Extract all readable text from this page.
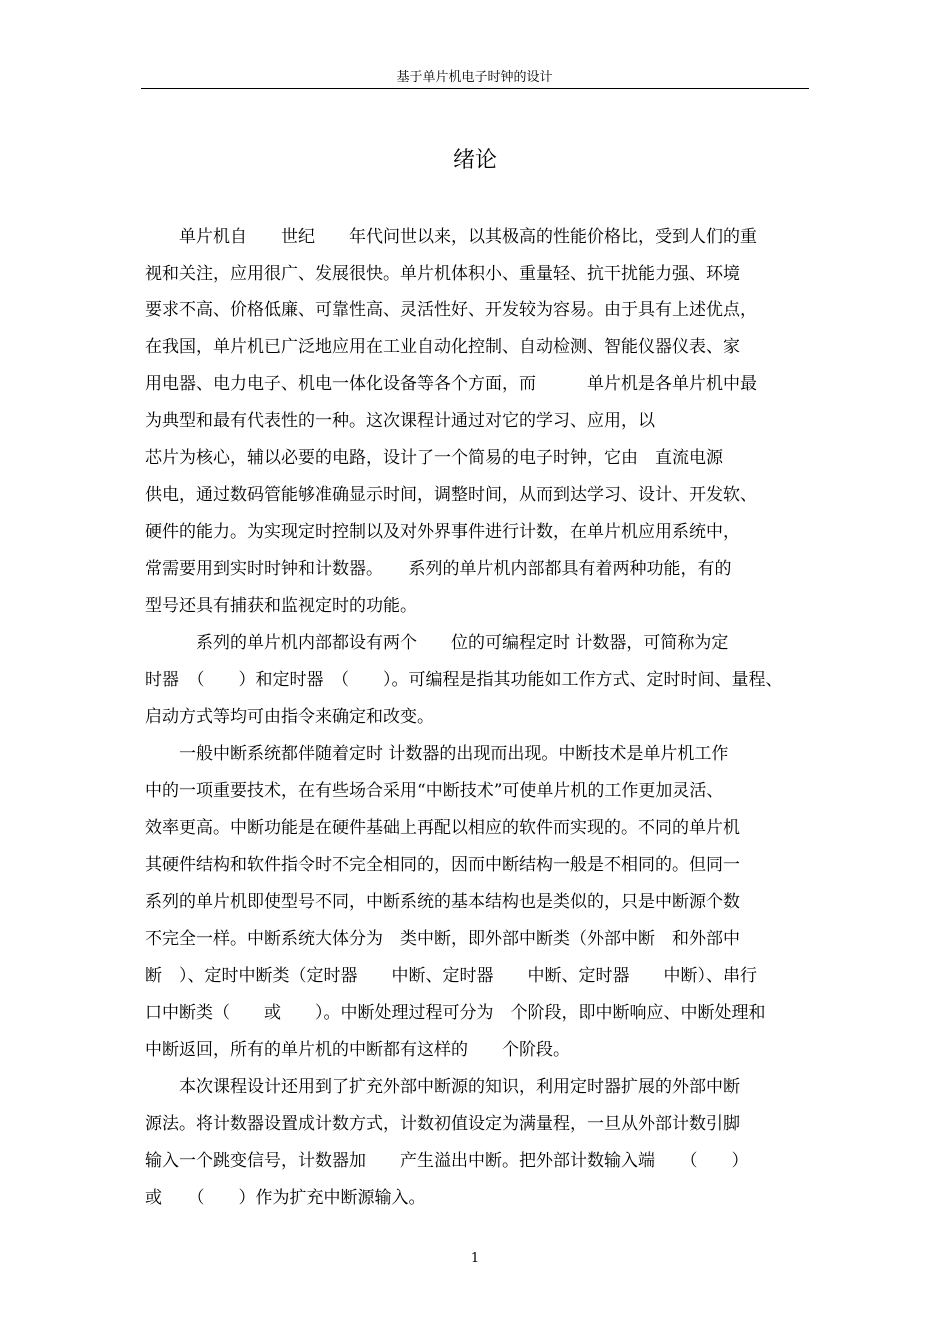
基于单片机电子时钟的设计
绪论
　　单片机自　　世纪　　年代问世以来，以其极高的性能价格比，受到人们的重
视和关注，应用很广、发展很快。单片机体积小、重量轻、抗干扰能力强、环境
要求不高、价格低廉、可靠性高、灵活性好、开发较为容易。由于具有上述优点，
在我国，单片机已广泛地应用在工业自动化控制、自动检测、智能仪器仪表、家
用电器、电力电子、机电一体化设备等各个方面，而　　　单片机是各单片机中最
为典型和最有代表性的一种。这次课程计通过对它的学习、应用，以
芯片为核心，辅以必要的电路，设计了一个简易的电子时钟，它由　直流电源
供电，通过数码管能够准确显示时间，调整时间，从而到达学习、设计、开发软、
硬件的能力。为实现定时控制以及对外界事件进行计数，在单片机应用系统中，
常需要用到实时时钟和计数器。　　系列的单片机内部都具有着两种功能，有的
型号还具有捕获和监视定时的功能。
　　　系列的单片机内部都设有两个　　位的可编程定时 计数器，可简称为定
时器　（　　）和定时器　（　　）。可编程是指其功能如工作方式、定时时间、量程、
启动方式等均可由指令来确定和改变。
　　一般中断系统都伴随着定时 计数器的出现而出现。中断技术是单片机工作
中的一项重要技术，在有些场合采用“中断技术”可使单片机的工作更加灵活、
效率更高。中断功能是在硬件基础上再配以相应的软件而实现的。不同的单片机
其硬件结构和软件指令时不完全相同的，因而中断结构一般是不相同的。但同一
系列的单片机即使型号不同，中断系统的基本结构也是类似的，只是中断源个数
不完全一样。中断系统大体分为　类中断，即外部中断类（外部中断　和外部中
断　）、定时中断类（定时器　　中断、定时器　　中断、定时器　　中断）、串行
口中断类（　　或　　）。中断处理过程可分为　个阶段，即中断响应、中断处理和
中断返回，所有的单片机的中断都有这样的　　个阶段。
　　本次课程设计还用到了扩充外部中断源的知识，利用定时器扩展的外部中断
源法。将计数器设置成计数方式，计数初值设定为满量程，一旦从外部计数引脚
输入一个跳变信号，计数器加　　产生溢出中断。把外部计数输入端　　（　　）
或　　（　　）作为扩充中断源输入。
1
